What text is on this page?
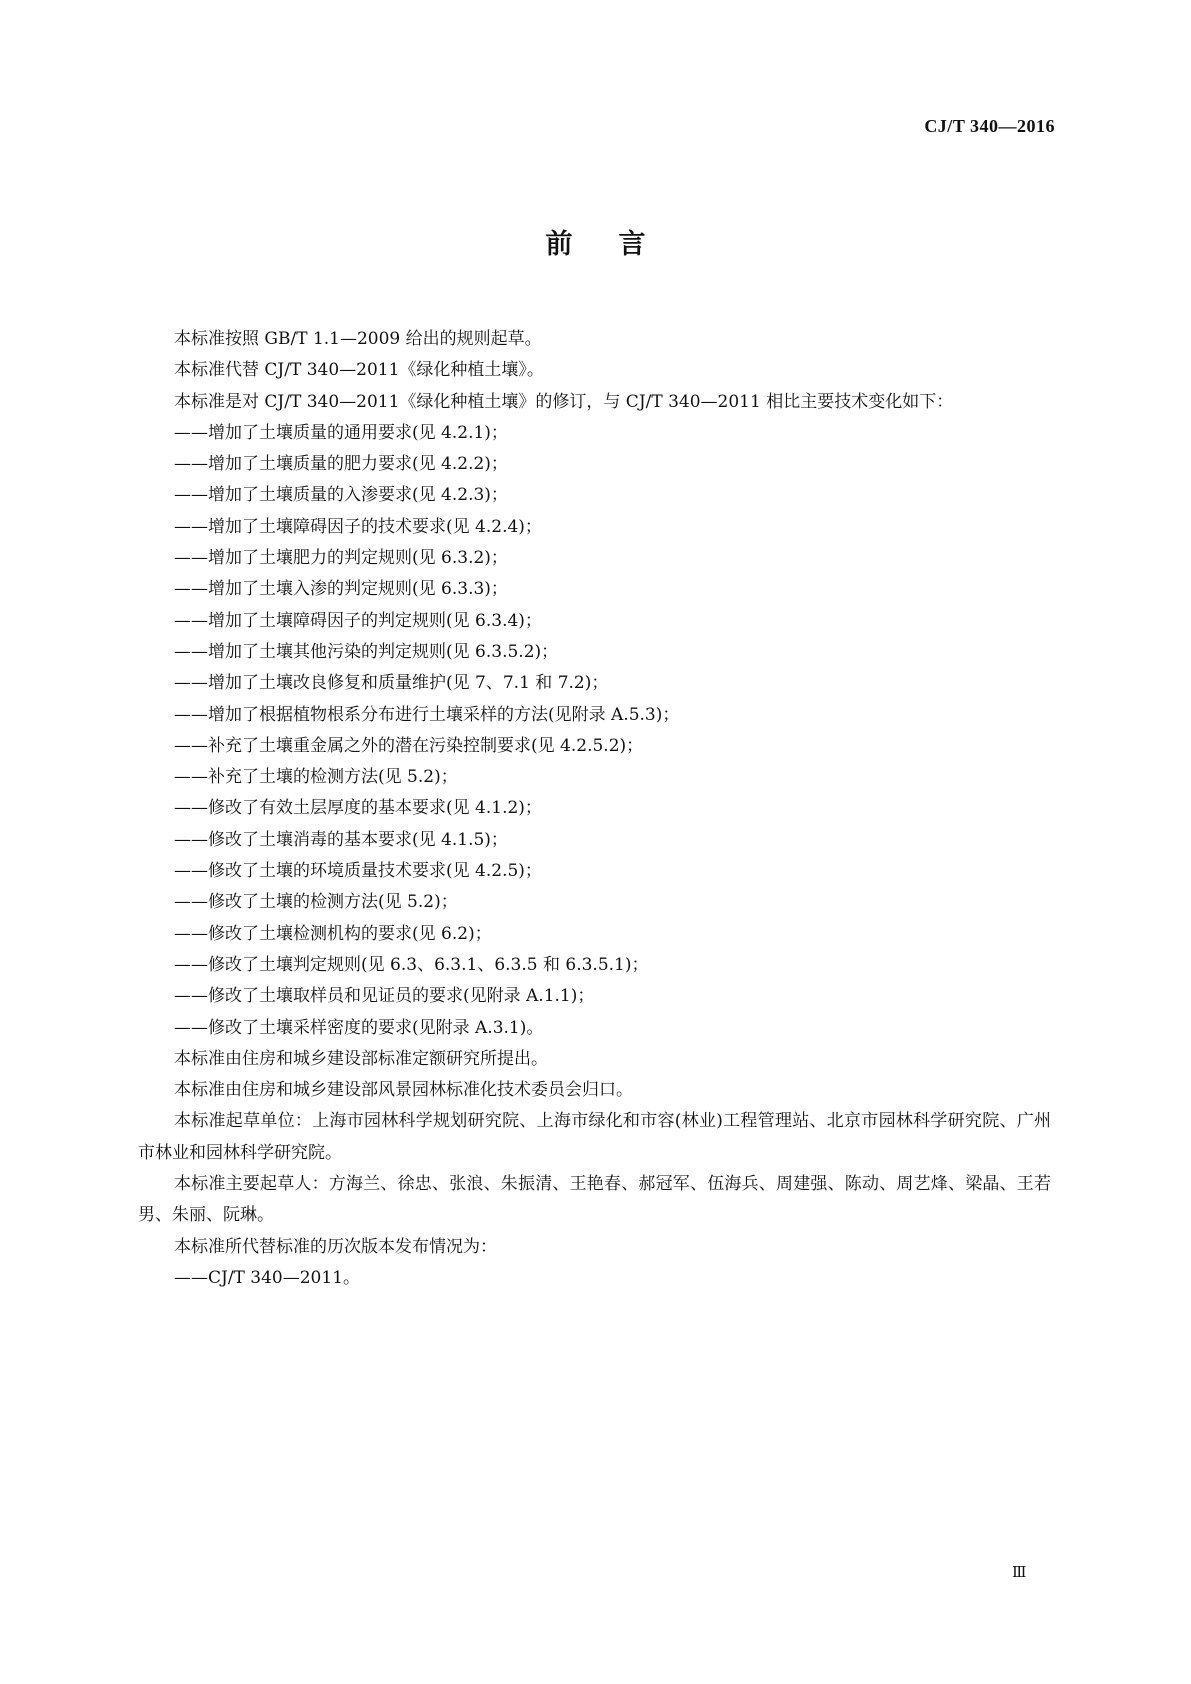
CJ/T 340—2016
前言
本标准按照 GB/T 1.1—2009 给出的规则起草。
本标准代替 CJ/T 340—2011《绿化种植土壤》。
本标准是对 CJ/T 340—2011《绿化种植土壤》的修订，与 CJ/T 340—2011 相比主要技术变化如下：
——增加了土壤质量的通用要求(见 4.2.1)；
——增加了土壤质量的肥力要求(见 4.2.2)；
——增加了土壤质量的入渗要求(见 4.2.3)；
——增加了土壤障碍因子的技术要求(见 4.2.4)；
——增加了土壤肥力的判定规则(见 6.3.2)；
——增加了土壤入渗的判定规则(见 6.3.3)；
——增加了土壤障碍因子的判定规则(见 6.3.4)；
——增加了土壤其他污染的判定规则(见 6.3.5.2)；
——增加了土壤改良修复和质量维护(见 7、7.1 和 7.2)；
——增加了根据植物根系分布进行土壤采样的方法(见附录 A.5.3)；
——补充了土壤重金属之外的潜在污染控制要求(见 4.2.5.2)；
——补充了土壤的检测方法(见 5.2)；
——修改了有效土层厚度的基本要求(见 4.1.2)；
——修改了土壤消毒的基本要求(见 4.1.5)；
——修改了土壤的环境质量技术要求(见 4.2.5)；
——修改了土壤的检测方法(见 5.2)；
——修改了土壤检测机构的要求(见 6.2)；
——修改了土壤判定规则(见 6.3、6.3.1、6.3.5 和 6.3.5.1)；
——修改了土壤取样员和见证员的要求(见附录 A.1.1)；
——修改了土壤采样密度的要求(见附录 A.3.1)。
本标准由住房和城乡建设部标准定额研究所提出。
本标准由住房和城乡建设部风景园林标准化技术委员会归口。
本标准起草单位：上海市园林科学规划研究院、上海市绿化和市容(林业)工程管理站、北京市园林科学研究院、广州市林业和园林科学研究院。
本标准主要起草人：方海兰、徐忠、张浪、朱振清、王艳春、郝冠军、伍海兵、周建强、陈动、周艺烽、梁晶、王若男、朱丽、阮琳。
本标准所代替标准的历次版本发布情况为：
——CJ/T 340—2011。
Ⅲ
